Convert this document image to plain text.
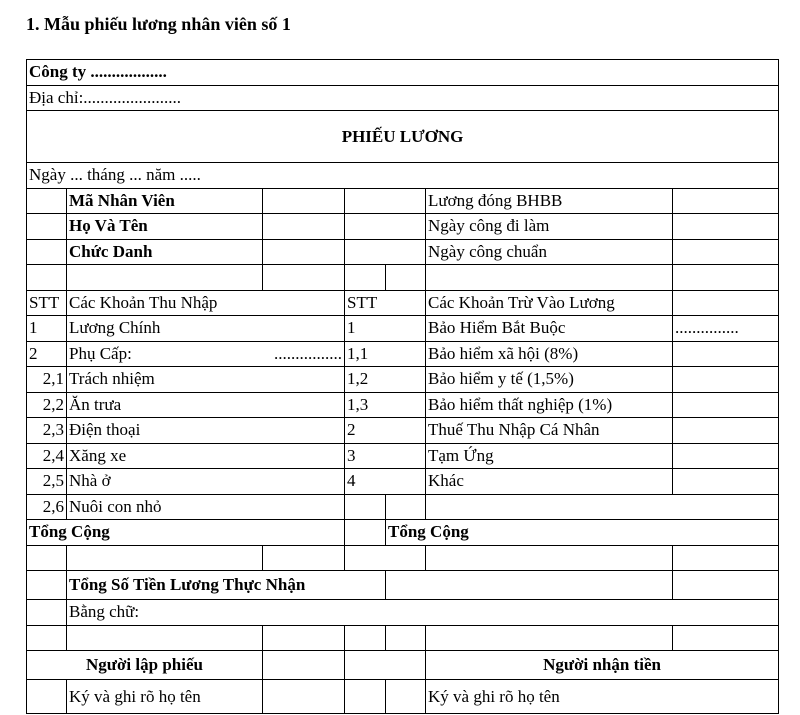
1. Mẫu phiếu lương nhân viên số 1
Công ty ..................						
Địa chỉ:.......................						
PHIẾU LƯƠNG						
Ngày ... tháng ... năm .....						
	Mã Nhân Viên				Lương đóng BHBB	
	Họ Và Tên				Ngày công đi làm	
	Chức Danh				Ngày công chuẩn	

STT	Các Khoản Thu Nhập		STT		Các Khoản Trừ Vào Lương	
1	Lương Chính		1		Bảo Hiểm Bắt Buộc	...............
2	Phụ Cấp:	................	1,1		Bảo hiểm xã hội (8%)	
2,1	Trách nhiệm		1,2		Bảo hiểm y tế (1,5%)	
2,2	Ăn trưa		1,3		Bảo hiểm thất nghiệp (1%)	
2,3	Điện thoại		2		Thuế Thu Nhập Cá Nhân	
2,4	Xăng xe		3		Tạm Ứng	
2,5	Nhà ở		4		Khác	
2,6	Nuôi con nhỏ					
Tổng Cộng				Tổng Cộng		

	Tổng Số Tiền Lương Thực Nhận					
	Bằng chữ:					

Người lập phiếu					Người nhận tiền	
	Ký và ghi rõ họ tên				Ký và ghi rõ họ tên	
